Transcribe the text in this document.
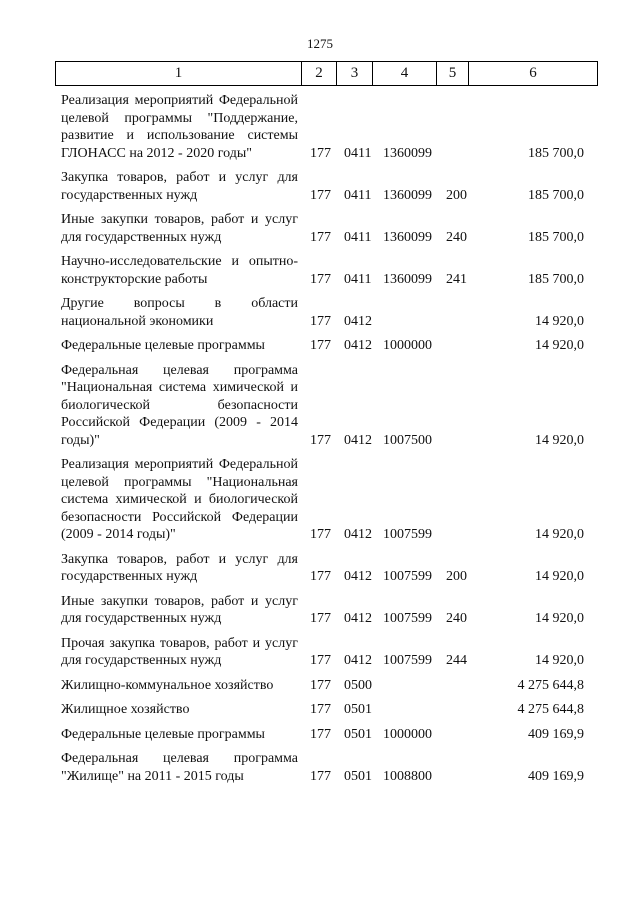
1275
1	2	3	4	5	6
Реализация мероприятий Федеральной целевой программы "Поддержание, развитие и использование системы ГЛОНАСС на 2012 - 2020 годы"	177 0411 1360099	185 700,0
Закупка товаров, работ и услуг для государственных нужд	177 0411 1360099 200	185 700,0
Иные закупки товаров, работ и услуг для государственных нужд	177 0411 1360099 240	185 700,0
Научно-исследовательские и опытно-конструкторские работы	177 0411 1360099 241	185 700,0
Другие вопросы в области национальной экономики	177 0412	14 920,0
Федеральные целевые программы	177 0412 1000000	14 920,0
Федеральная целевая программа "Национальная система химической и биологической безопасности Российской Федерации (2009 - 2014 годы)"	177 0412 1007500	14 920,0
Реализация мероприятий Федеральной целевой программы "Национальная система химической и биологической безопасности Российской Федерации (2009 - 2014 годы)"	177 0412 1007599	14 920,0
Закупка товаров, работ и услуг для государственных нужд	177 0412 1007599 200	14 920,0
Иные закупки товаров, работ и услуг для государственных нужд	177 0412 1007599 240	14 920,0
Прочая закупка товаров, работ и услуг для государственных нужд	177 0412 1007599 244	14 920,0
Жилищно-коммунальное хозяйство	177 0500	4 275 644,8
Жилищное хозяйство	177 0501	4 275 644,8
Федеральные целевые программы	177 0501 1000000	409 169,9
Федеральная целевая программа "Жилище" на 2011 - 2015 годы	177 0501 1008800	409 169,9
